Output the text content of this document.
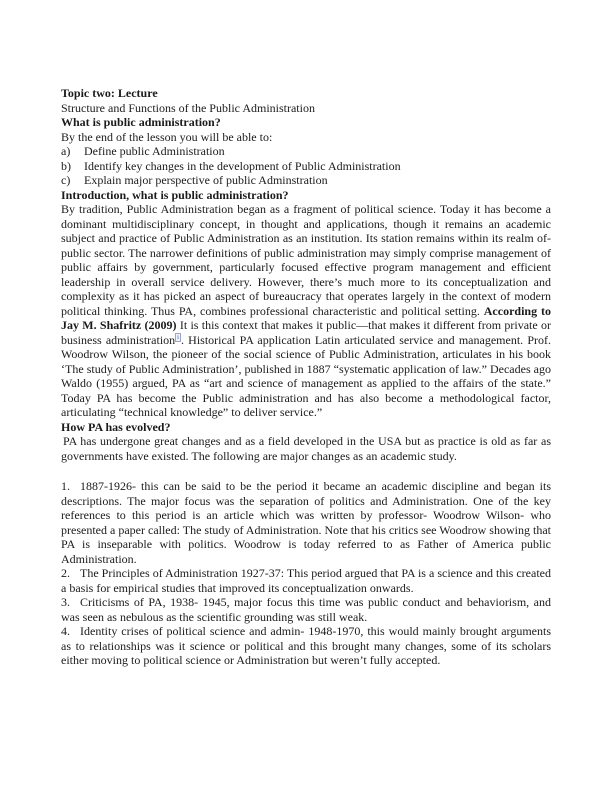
Topic two: Lecture

Structure and Functions of the Public Administration

What is public administration?

By the end of the lesson you will be able to:

a) Define public Administration

b) Identify key changes in the development of Public Administration

c) Explain major perspective of public Adminstration

Introduction, what is public administration?

By tradition, Public Administration began as a fragment of political science. Today it has become a dominant multidisciplinary concept, in thought and applications, though it remains an academic subject and practice of Public Administration as an institution. Its station remains within its realm of- public sector. The narrower definitions of public administration may simply comprise management of public affairs by government, particularly focused effective program management and efficient leadership in overall service delivery. However, there’s much more to its conceptualization and complexity as it has picked an aspect of bureaucracy that operates largely in the context of modern political thinking. Thus PA, combines professional characteristic and political setting. According to Jay M. Shafritz (2009) It is this context that makes it public—that makes it different from private or business administration $^i$ . Historical PA application Latin articulated service and management. Prof. Woodrow Wilson, the pioneer of the social science of Public Administration, articulates in his book ‘The study of Public Administration’, published in 1887 “systematic application of law.” Decades ago Waldo (1955) argued, PA as “art and science of management as applied to the affairs of the state.” Today PA has become the Public administration and has also become a methodological factor, articulating “technical knowledge” to deliver service.”

How PA has evolved?

PA has undergone great changes and as a field developed in the USA but as practice is old as far as governments have existed. The following are major changes as an academic study.

1. 1887-1926- this can be said to be the period it became an academic discipline and began its descriptions. The major focus was the separation of politics and Administration. One of the key references to this period is an article which was written by professor- Woodrow Wilson- who presented a paper called: The study of Administration. Note that his critics see Woodrow showing that PA is inseparable with politics. Woodrow is today referred to as Father of America public Administration.

2. The Principles of Administration 1927-37: This period argued that PA is a science and this created a basis for empirical studies that improved its conceptualization onwards.

3. Criticisms of PA, 1938- 1945, major focus this time was public conduct and behaviorism, and was seen as nebulous as the scientific grounding was still weak.

4. Identity crises of political science and admin- 1948-1970, this would mainly brought arguments as to relationships was it science or political and this brought many changes, some of its scholars either moving to political science or Administration but weren’t fully accepted.
